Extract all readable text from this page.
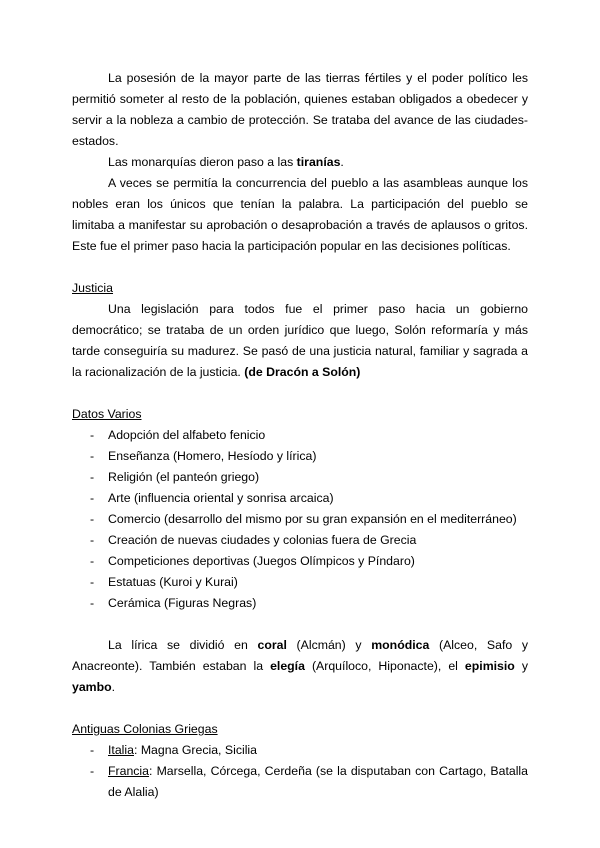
La posesión de la mayor parte de las tierras fértiles y el poder político les permitió someter al resto de la población, quienes estaban obligados a obedecer y servir a la nobleza a cambio de protección. Se trataba del avance de las ciudades-estados.

Las monarquías dieron paso a las tiranías.

A veces se permitía la concurrencia del pueblo a las asambleas aunque los nobles eran los únicos que tenían la palabra. La participación del pueblo se limitaba a manifestar su aprobación o desaprobación a través de aplausos o gritos. Este fue el primer paso hacia la participación popular en las decisiones políticas.

Justicia

Una legislación para todos fue el primer paso hacia un gobierno democrático; se trataba de un orden jurídico que luego, Solón reformaría y más tarde conseguiría su madurez. Se pasó de una justicia natural, familiar y sagrada a la racionalización de la justicia. (de Dracón a Solón)

Datos Varios
- Adopción del alfabeto fenicio
- Enseñanza (Homero, Hesíodo y lírica)
- Religión (el panteón griego)
- Arte (influencia oriental y sonrisa arcaica)
- Comercio (desarrollo del mismo por su gran expansión en el mediterráneo)
- Creación de nuevas ciudades y colonias fuera de Grecia
- Competiciones deportivas (Juegos Olímpicos y Píndaro)
- Estatuas (Kuroi y Kurai)
- Cerámica (Figuras Negras)

La lírica se dividió en coral (Alcmán) y monódica (Alceo, Safo y Anacreonte). También estaban la elegía (Arquíloco, Hiponacte), el epimisio y yambo.

Antiguas Colonias Griegas
- Italia: Magna Grecia, Sicilia
- Francia: Marsella, Córcega, Cerdeña (se la disputaban con Cartago, Batalla de Alalia)
